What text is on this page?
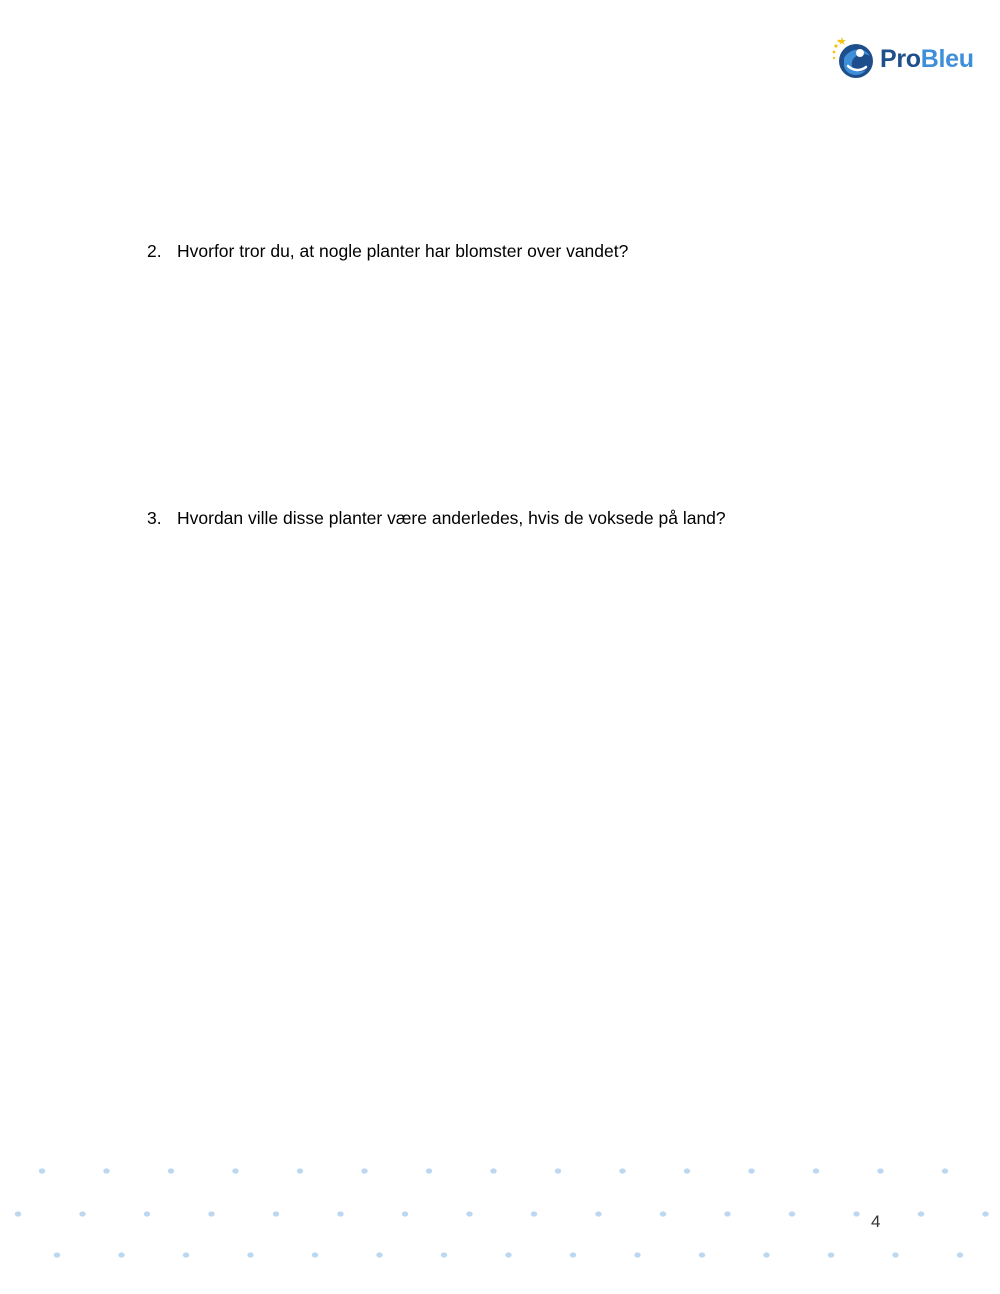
ProBleu
2. Hvorfor tror du, at nogle planter har blomster over vandet?
3. Hvordan ville disse planter være anderledes, hvis de voksede på land?
4
